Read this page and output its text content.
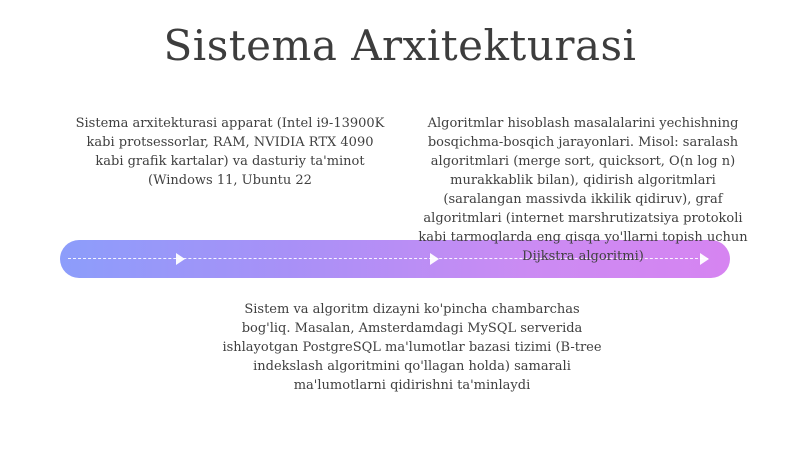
Sistema Arxitekturasi

Sistema arxitekturasi apparat (Intel i9-13900K kabi protsessorlar, RAM, NVIDIA RTX 4090 kabi grafik kartalar) va dasturiy ta'minot (Windows 11, Ubuntu 22

Algoritmlar hisoblash masalalarini yechishning bosqichma-bosqich jarayonlari. Misol: saralash algoritmlari (merge sort, quicksort, O(n log n) murakkablik bilan), qidirish algoritmlari (saralangan massivda ikkilik qidiruv), graf algoritmlari (internet marshrutizatsiya protokoli kabi tarmoqlarda eng qisqa yo'llarni topish uchun Dijkstra algoritmi)

Sistem va algoritm dizayni ko'pincha chambarchas bog'liq. Masalan, Amsterdamdagi MySQL serverida ishlayotgan PostgreSQL ma'lumotlar bazasi tizimi (B-tree indekslash algoritmini qo'llagan holda) samarali ma'lumotlarni qidirishni ta'minlaydi
